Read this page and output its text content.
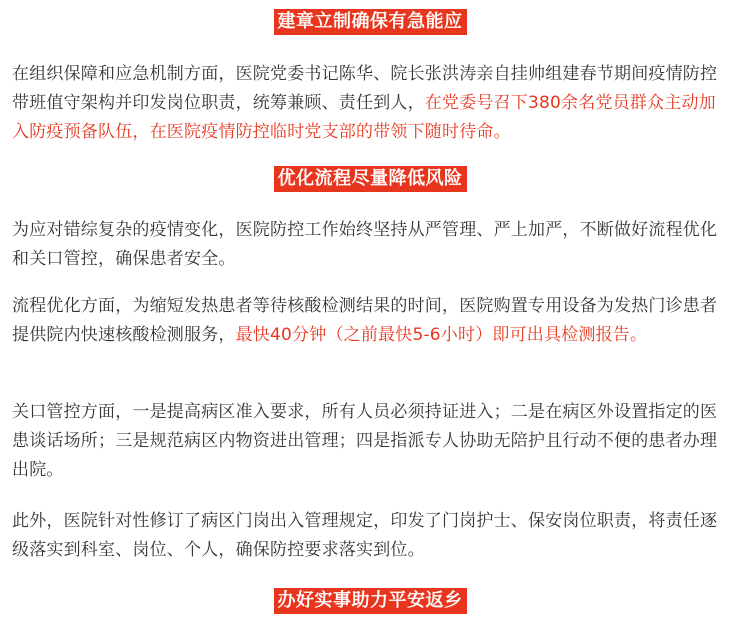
建章立制确保有急能应

在组织保障和应急机制方面，医院党委书记陈华、院长张洪涛亲自挂帅组建春节期间疫情防控带班值守架构并印发岗位职责，统筹兼顾、责任到人，在党委号召下380余名党员群众主动加入防疫预备队伍，在医院疫情防控临时党支部的带领下随时待命。

优化流程尽量降低风险

为应对错综复杂的疫情变化，医院防控工作始终坚持从严管理、严上加严，不断做好流程优化和关口管控，确保患者安全。

流程优化方面，为缩短发热患者等待核酸检测结果的时间，医院购置专用设备为发热门诊患者提供院内快速核酸检测服务，最快40分钟（之前最快5-6小时）即可出具检测报告。

关口管控方面，一是提高病区准入要求，所有人员必须持证进入；二是在病区外设置指定的医患谈话场所；三是规范病区内物资进出管理；四是指派专人协助无陪护且行动不便的患者办理出院。

此外，医院针对性修订了病区门岗出入管理规定，印发了门岗护士、保安岗位职责，将责任逐级落实到科室、岗位、个人，确保防控要求落实到位。

办好实事助力平安返乡
